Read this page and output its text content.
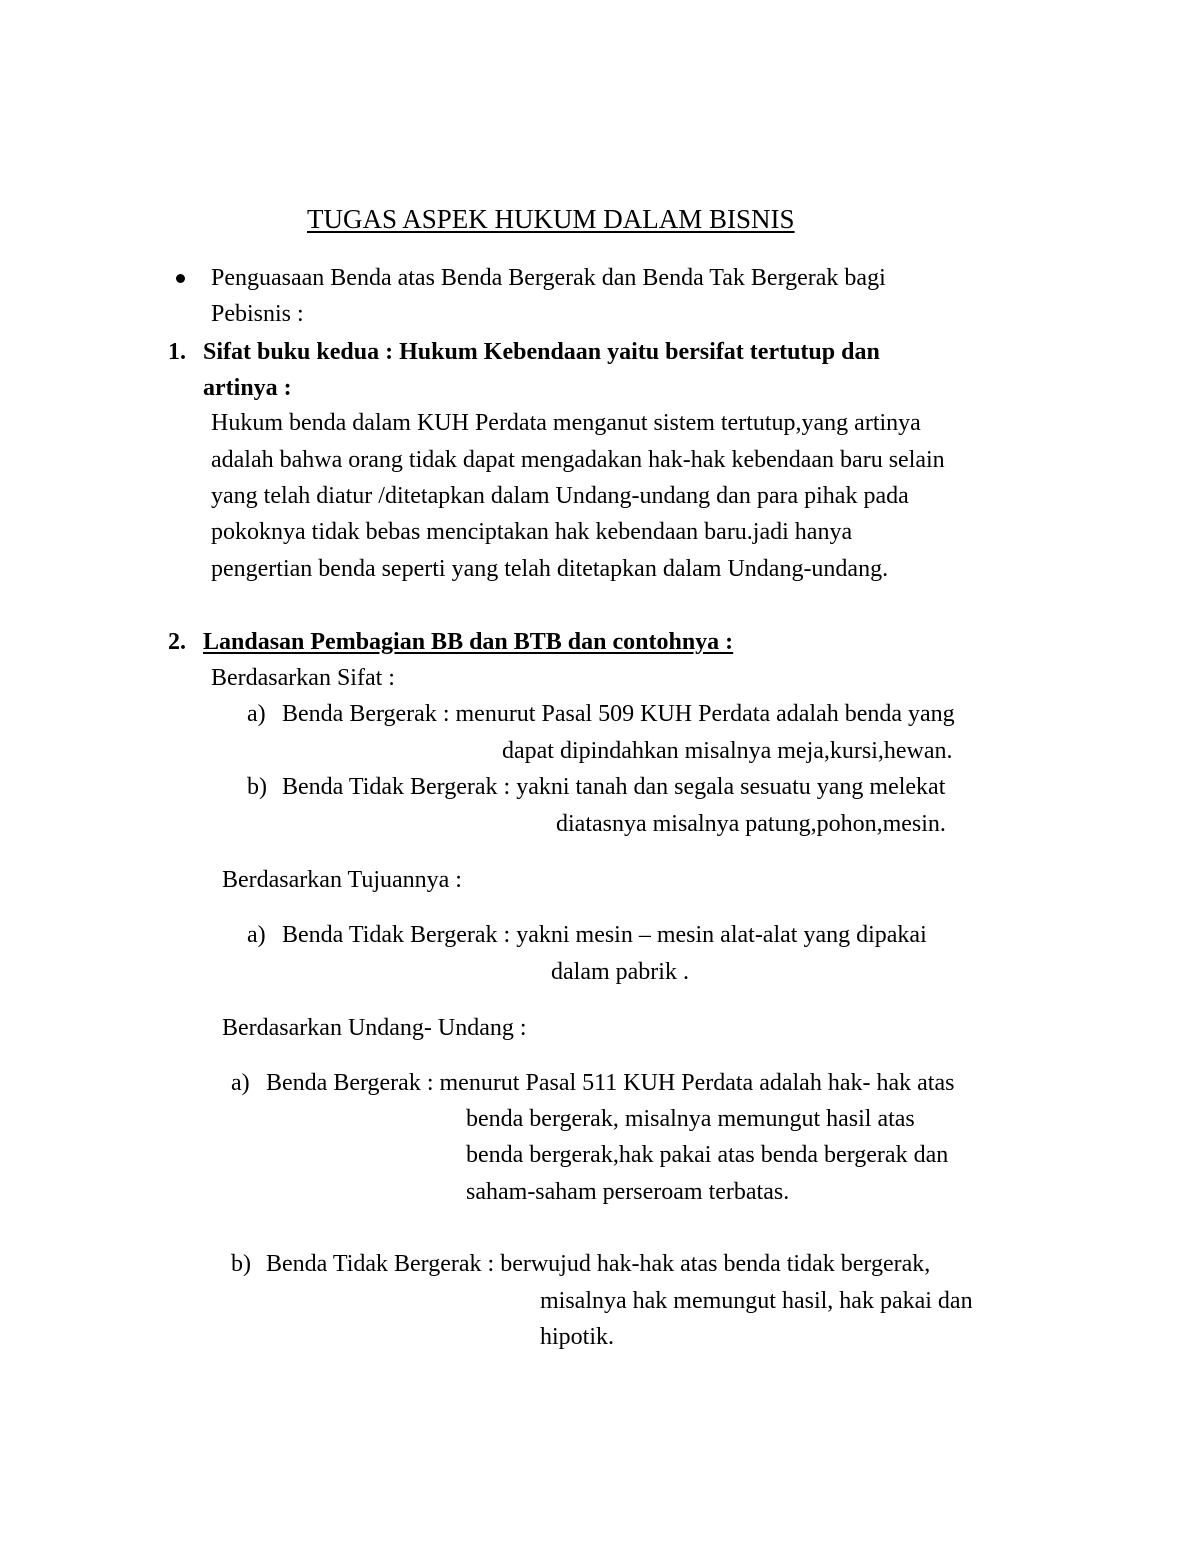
TUGAS ASPEK HUKUM DALAM BISNIS
Penguasaan Benda atas Benda Bergerak dan Benda Tak Bergerak bagi
Pebisnis :
1. Sifat buku kedua : Hukum Kebendaan yaitu bersifat tertutup dan
artinya :
Hukum benda dalam KUH Perdata menganut sistem tertutup,yang artinya
adalah bahwa orang tidak dapat mengadakan hak-hak kebendaan baru selain
yang telah diatur /ditetapkan dalam Undang-undang dan para pihak pada
pokoknya tidak bebas menciptakan hak kebendaan baru.jadi hanya
pengertian benda seperti yang telah ditetapkan dalam Undang-undang.
2. Landasan Pembagian BB dan BTB dan contohnya :
Berdasarkan Sifat :
a) Benda Bergerak : menurut Pasal 509 KUH Perdata adalah benda yang
dapat dipindahkan misalnya meja,kursi,hewan.
b) Benda Tidak Bergerak : yakni tanah dan segala sesuatu yang melekat
diatasnya misalnya patung,pohon,mesin.
Berdasarkan Tujuannya :
a) Benda Tidak Bergerak : yakni mesin – mesin alat-alat yang dipakai
dalam pabrik .
Berdasarkan Undang- Undang :
a) Benda Bergerak : menurut Pasal 511 KUH Perdata adalah hak- hak atas
benda bergerak, misalnya memungut hasil atas
benda bergerak,hak pakai atas benda bergerak dan
saham-saham perseroam terbatas.
b) Benda Tidak Bergerak : berwujud hak-hak atas benda tidak bergerak,
misalnya hak memungut hasil, hak pakai dan
hipotik.
